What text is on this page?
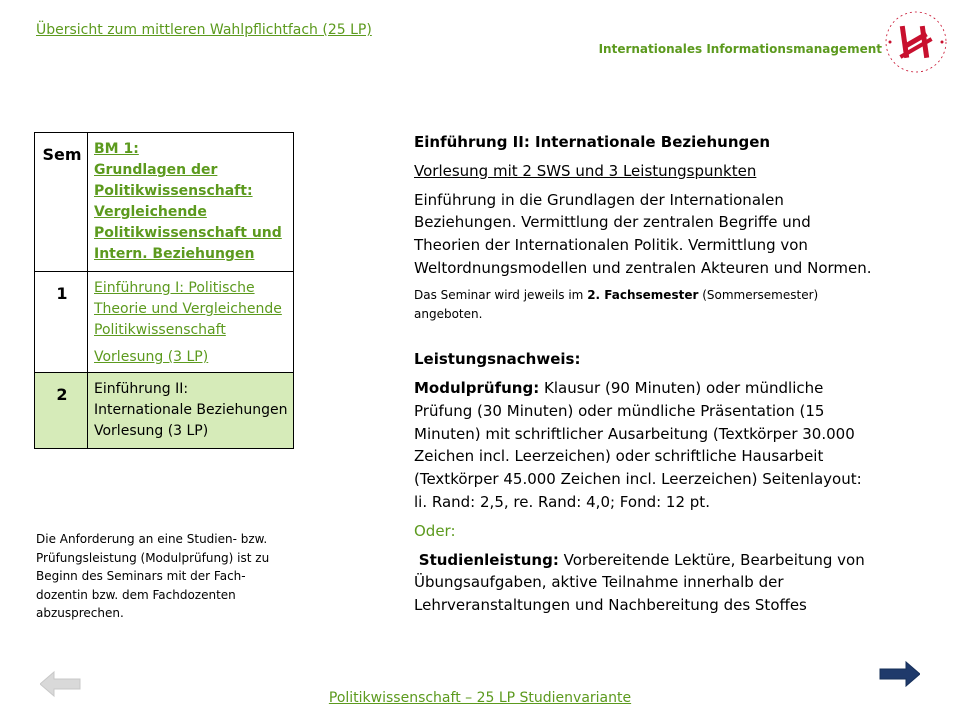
Übersicht zum mittleren Wahlpflichtfach (25 LP)
Internationales Informationsmanagement
Sem	BM 1:
Grundlagen der Politikwissenschaft: Vergleichende Politikwissenschaft und Intern. Beziehungen

1	Einführung I: Politische Theorie und Vergleichende Politikwissenschaft
Vorlesung (3 LP)

2	Einführung II: Internationale Beziehungen
Vorlesung (3 LP)
Die Anforderung an eine Studien- bzw. Prüfungsleistung (Modulprüfung) ist zu Beginn des Seminars mit der Fach-dozentin bzw. dem Fachdozenten abzusprechen.

Einführung II: Internationale Beziehungen

Vorlesung mit 2 SWS und 3 Leistungspunkten

Einführung in die Grundlagen der Internationalen Beziehungen. Vermittlung der zentralen Begriffe und Theorien der Internationalen Politik. Vermittlung von Weltordnungsmodellen und zentralen Akteuren und Normen.

Das Seminar wird jeweils im 2. Fachsemester (Sommersemester) angeboten.

Leistungsnachweis:

Modulprüfung: Klausur (90 Minuten) oder mündliche Prüfung (30 Minuten) oder mündliche Präsentation (15 Minuten) mit schriftlicher Ausarbeitung (Textkörper 30.000 Zeichen incl. Leerzeichen) oder schriftliche Hausarbeit (Textkörper 45.000 Zeichen incl. Leerzeichen) Seitenlayout: li. Rand: 2,5, re. Rand: 4,0; Fond: 12 pt.

Oder:

Studienleistung: Vorbereitende Lektüre, Bearbeitung von Übungsaufgaben, aktive Teilnahme innerhalb der Lehrveranstaltungen und Nachbereitung des Stoffes

Politikwissenschaft – 25 LP Studienvariante
